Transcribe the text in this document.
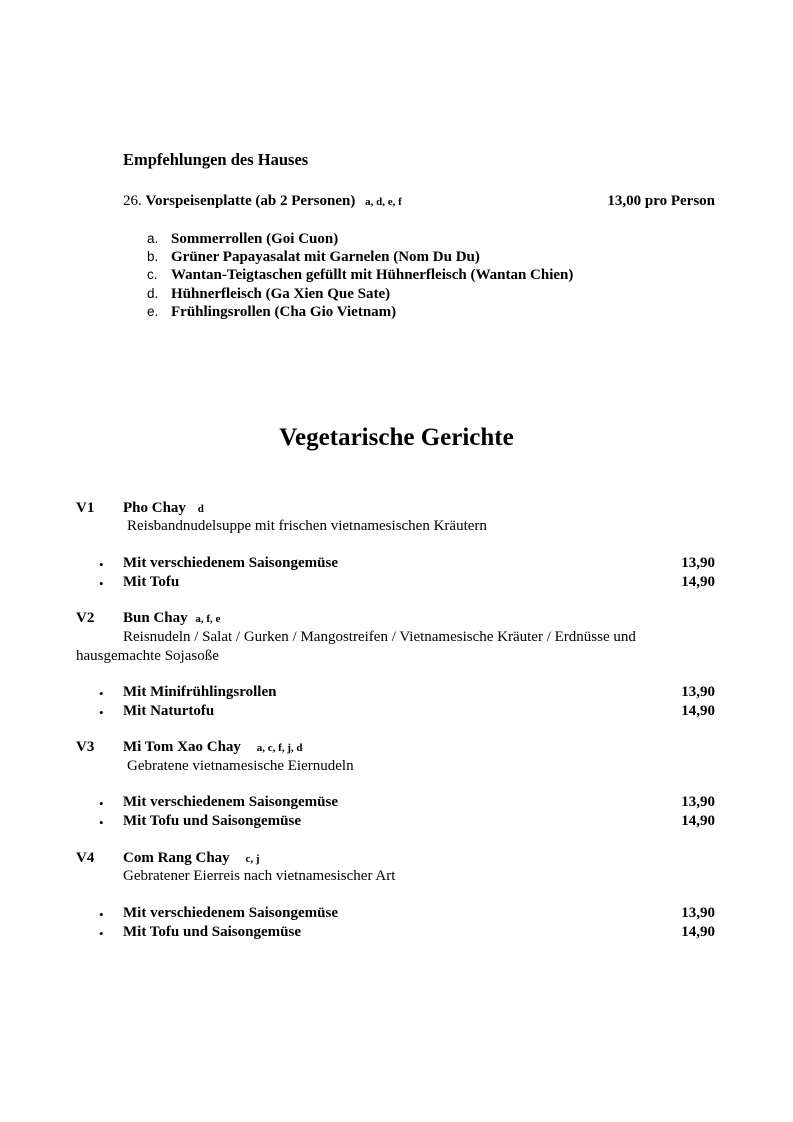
Empfehlungen des Hauses
26. Vorspeisenplatte (ab 2 Personen) a, d, e, f	13,00 pro Person
a. Sommerrollen (Goi Cuon)
b. Grüner Papayasalat mit Garnelen (Nom Du Du)
c. Wantan-Teigtaschen gefüllt mit Hühnerfleisch (Wantan Chien)
d. Hühnerfleisch (Ga Xien Que Sate)
e. Frühlingsrollen (Cha Gio Vietnam)
Vegetarische Gerichte
V1 Pho Chay d
Reisbandnudelsuppe mit frischen vietnamesischen Kräutern
• Mit verschiedenem Saisongemüse	13,90
• Mit Tofu	14,90
V2 Bun Chay a, f, e
Reisnudeln / Salat / Gurken / Mangostreifen / Vietnamesische Kräuter / Erdnüsse und
hausgemachte Sojasoße
• Mit Minifrühlingsrollen	13,90
• Mit Naturtofu	14,90
V3 Mi Tom Xao Chay a, c, f, j, d
Gebratene vietnamesische Eiernudeln
• Mit verschiedenem Saisongemüse	13,90
• Mit Tofu und Saisongemüse	14,90
V4 Com Rang Chay c, j
Gebratener Eierreis nach vietnamesischer Art
• Mit verschiedenem Saisongemüse	13,90
• Mit Tofu und Saisongemüse	14,90
